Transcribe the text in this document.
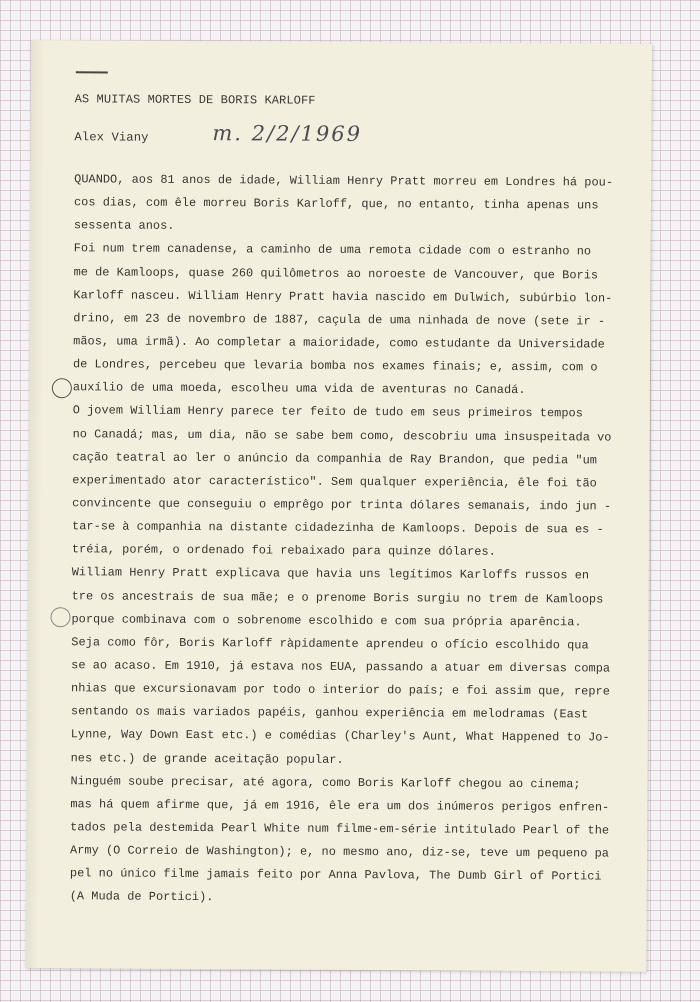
AS MUITAS MORTES DE BORIS KARLOFF
Alex Viany	m. 2/2/1969
QUANDO, aos 81 anos de idade, William Henry Pratt morreu em Londres há pou-
cos dias, com êle morreu Boris Karloff, que, no entanto, tinha apenas uns
sessenta anos.
Foi num trem canadense, a caminho de uma remota cidade com o estranho no
me de Kamloops, quase 260 quilômetros ao noroeste de Vancouver, que Boris
Karloff nasceu. William Henry Pratt havia nascido em Dulwich, subúrbio lon-
drino, em 23 de novembro de 1887, caçula de uma ninhada de nove (sete ir -
mãos, uma irmã). Ao completar a maioridade, como estudante da Universidade
de Londres, percebeu que levaria bomba nos exames finais; e, assim, com o
auxílio de uma moeda, escolheu uma vida de aventuras no Canadá.
O jovem William Henry parece ter feito de tudo em seus primeiros tempos
no Canadá; mas, um dia, não se sabe bem como, descobriu uma insuspeitada vo
cação teatral ao ler o anúncio da companhia de Ray Brandon, que pedia "um
experimentado ator característico". Sem qualquer experiência, êle foi tão
convincente que conseguiu o emprêgo por trinta dólares semanais, indo jun -
tar-se à companhia na distante cidadezinha de Kamloops. Depois de sua es -
tréia, porém, o ordenado foi rebaixado para quinze dólares.
William Henry Pratt explicava que havia uns legítimos Karloffs russos en
tre os ancestrais de sua mãe; e o prenome Boris surgiu no trem de Kamloops
porque combinava com o sobrenome escolhido e com sua própria aparência.
Seja como fôr, Boris Karloff ràpidamente aprendeu o ofício escolhido qua
se ao acaso. Em 1910, já estava nos EUA, passando a atuar em diversas compa
nhias que excursionavam por todo o interior do país; e foi assim que, repre
sentando os mais variados papéis, ganhou experiência em melodramas (East
Lynne, Way Down East etc.) e comédias (Charley's Aunt, What Happened to Jo-
nes etc.) de grande aceitação popular.
Ninguém soube precisar, até agora, como Boris Karloff chegou ao cinema;
mas há quem afirme que, já em 1916, êle era um dos inúmeros perigos enfren-
tados pela destemida Pearl White num filme-em-série intitulado Pearl of the
Army (O Correio de Washington); e, no mesmo ano, diz-se, teve um pequeno pa
pel no único filme jamais feito por Anna Pavlova, The Dumb Girl of Portici
(A Muda de Portici).
